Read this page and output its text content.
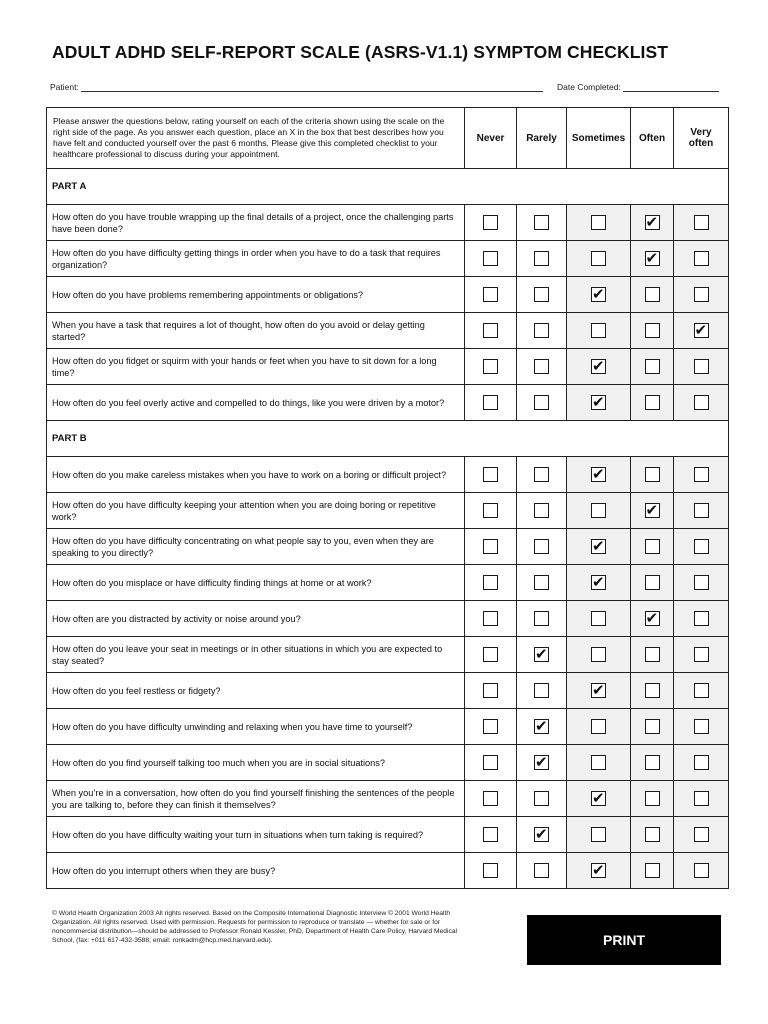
ADULT ADHD SELF-REPORT SCALE (ASRS-V1.1) SYMPTOM CHECKLIST
Patient:	Date Completed:
Please answer the questions below, rating yourself on each of the criteria shown using the scale on the right side of the page. As you answer each question, place an X in the box that best describes how you have felt and conducted yourself over the past 6 months. Please give this completed checklist to your healthcare professional to discuss during your appointment.	Never	Rarely	Sometimes	Often	Very often
PART A					
How often do you have trouble wrapping up the final details of a project, once the challenging parts have been done?				✔	
How often do you have difficulty getting things in order when you have to do a task that requires organization?				✔	
How often do you have problems remembering appointments or obligations?			✔		
When you have a task that requires a lot of thought, how often do you avoid or delay getting started?					✔
How often do you fidget or squirm with your hands or feet when you have to sit down for a long time?			✔		
How often do you feel overly active and compelled to do things, like you were driven by a motor?			✔		
PART B					
How often do you make careless mistakes when you have to work on a boring or difficult project?			✔		
How often do you have difficulty keeping your attention when you are doing boring or repetitive work?				✔	
How often do you have difficulty concentrating on what people say to you, even when they are speaking to you directly?			✔		
How often do you misplace or have difficulty finding things at home or at work?			✔		
How often are you distracted by activity or noise around you?				✔	
How often do you leave your seat in meetings or in other situations in which you are expected to stay seated?		✔			
How often do you feel restless or fidgety?			✔		
How often do you have difficulty unwinding and relaxing when you have time to yourself?		✔			
How often do you find yourself talking too much when you are in social situations?		✔			
When you’re in a conversation, how often do you find yourself finishing the sentences of the people you are talking to, before they can finish it themselves?			✔		
How often do you have difficulty waiting your turn in situations when turn taking is required?		✔			
How often do you interrupt others when they are busy?			✔		
© World Health Organization 2003 All rights reserved. Based on the Composite International Diagnostic Interview © 2001 World Health Organization. All rights reserved. Used with permission. Requests for permission to reproduce or translate — whether for sale or for noncommercial distribution—should be addressed to Professor Ronald Kessler, PhD, Department of Health Care Policy, Harvard Medical School, (fax: +011 617-432-3588; email: ronkadm@hcp.med.harvard.edu).	PRINT
